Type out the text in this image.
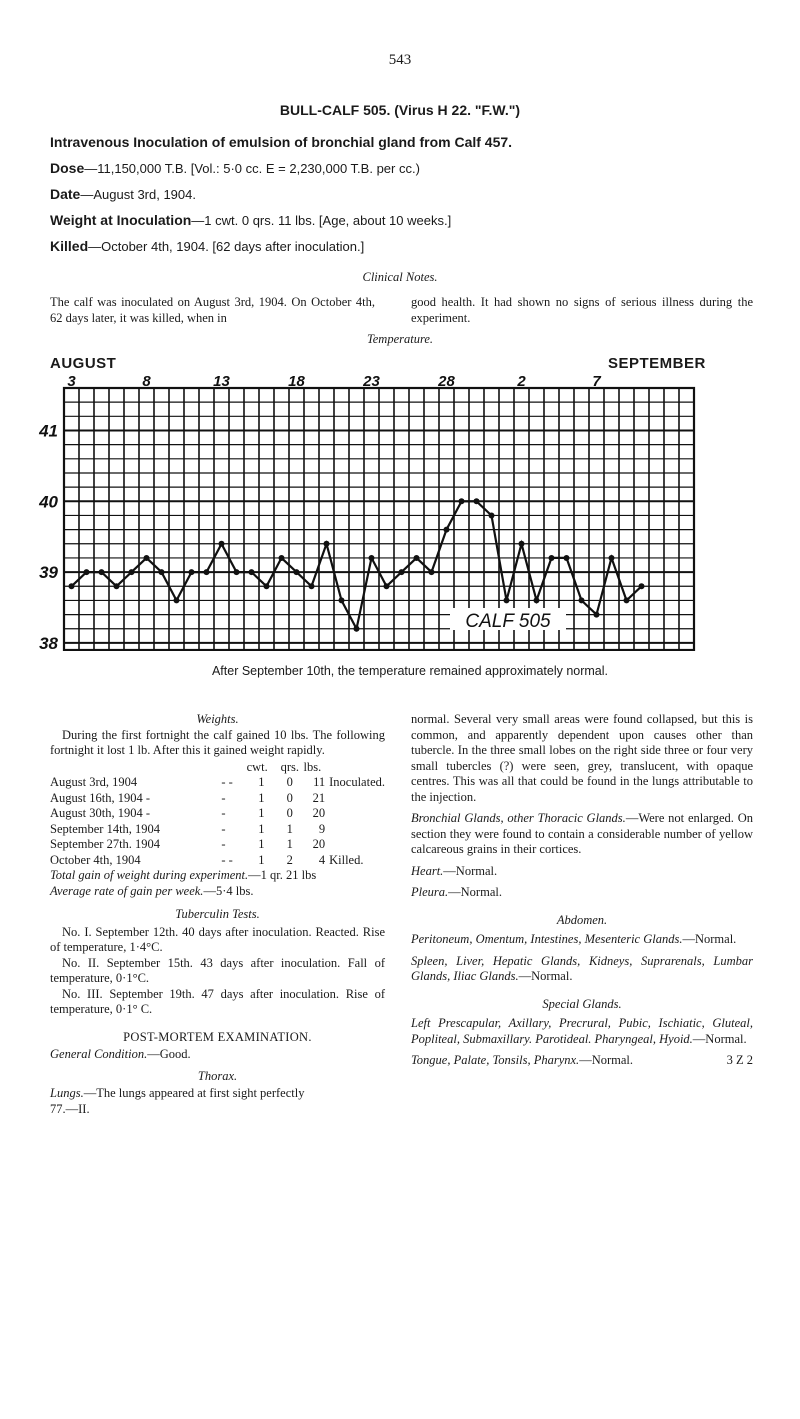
543
BULL-CALF 505. (Virus H 22. "F.W.")
Intravenous Inoculation of emulsion of bronchial gland from Calf 457.
Dose—11,150,000 T.B. [Vol.: 5·0 cc. E = 2,230,000 T.B. per cc.)
Date—August 3rd, 1904.
Weight at Inoculation—1 cwt. 0 qrs. 11 lbs. [Age, about 10 weeks.]
Killed—October 4th, 1904. [62 days after inoculation.]
Clinical Notes.
The calf was inoculated on August 3rd, 1904. On October 4th, 62 days later, it was killed, when in
good health. It had shown no signs of serious illness during the experiment.
Temperature.
AUGUST	SEPTEMBER
3	8	13	18	23	28	2	7
41
40
39
38
CALF 505
After September 10th, the temperature remained approximately normal.

Weights.

During the first fortnight the calf gained 10 lbs. The following fortnight it lost 1 lb. After this it gained weight rapidly.

		cwt.	qrs.	lbs.	
August 3rd, 1904	- -	1	0	11	Inoculated.
August 16th, 1904 -	-	1	0	21	
August 30th, 1904 -	-	1	0	20	
September 14th, 1904	-	1	1	9	
September 27th. 1904	-	1	1	20	
October 4th, 1904	- -	1	2	4	Killed.

Total gain of weight during experiment.—1 qr. 21 lbs

Average rate of gain per week.—5·4 lbs.

Tuberculin Tests.

No. I. September 12th. 40 days after inoculation. Reacted. Rise of temperature, 1·4°C.

No. II. September 15th. 43 days after inoculation. Fall of temperature, 0·1°C.

No. III. September 19th. 47 days after inoculation. Rise of temperature, 0·1° C.

POST-MORTEM EXAMINATION.

General Condition.—Good.

Thorax.

Lungs.—The lungs appeared at first sight perfectly

77.—II.

normal. Several very small areas were found collapsed, but this is common, and apparently dependent upon causes other than tubercle. In the three small lobes on the right side three or four very small tubercles (?) were seen, grey, translucent, with opaque centres. This was all that could be found in the lungs attributable to the injection.

Bronchial Glands, other Thoracic Glands.—Were not enlarged. On section they were found to contain a considerable number of yellow calcareous grains in their cortices.

Heart.—Normal.

Pleura.—Normal.

Abdomen.

Peritoneum, Omentum, Intestines, Mesenteric Glands.—Normal.

Spleen, Liver, Hepatic Glands, Kidneys, Suprarenals, Lumbar Glands, Iliac Glands.—Normal.

Special Glands.

Left Prescapular, Axillary, Precrural, Pubic, Ischiatic, Gluteal, Popliteal, Submaxillary. Parotideal. Pharyngeal, Hyoid.—Normal.

Tongue, Palate, Tonsils, Pharynx.—Normal.	3 Z 2
